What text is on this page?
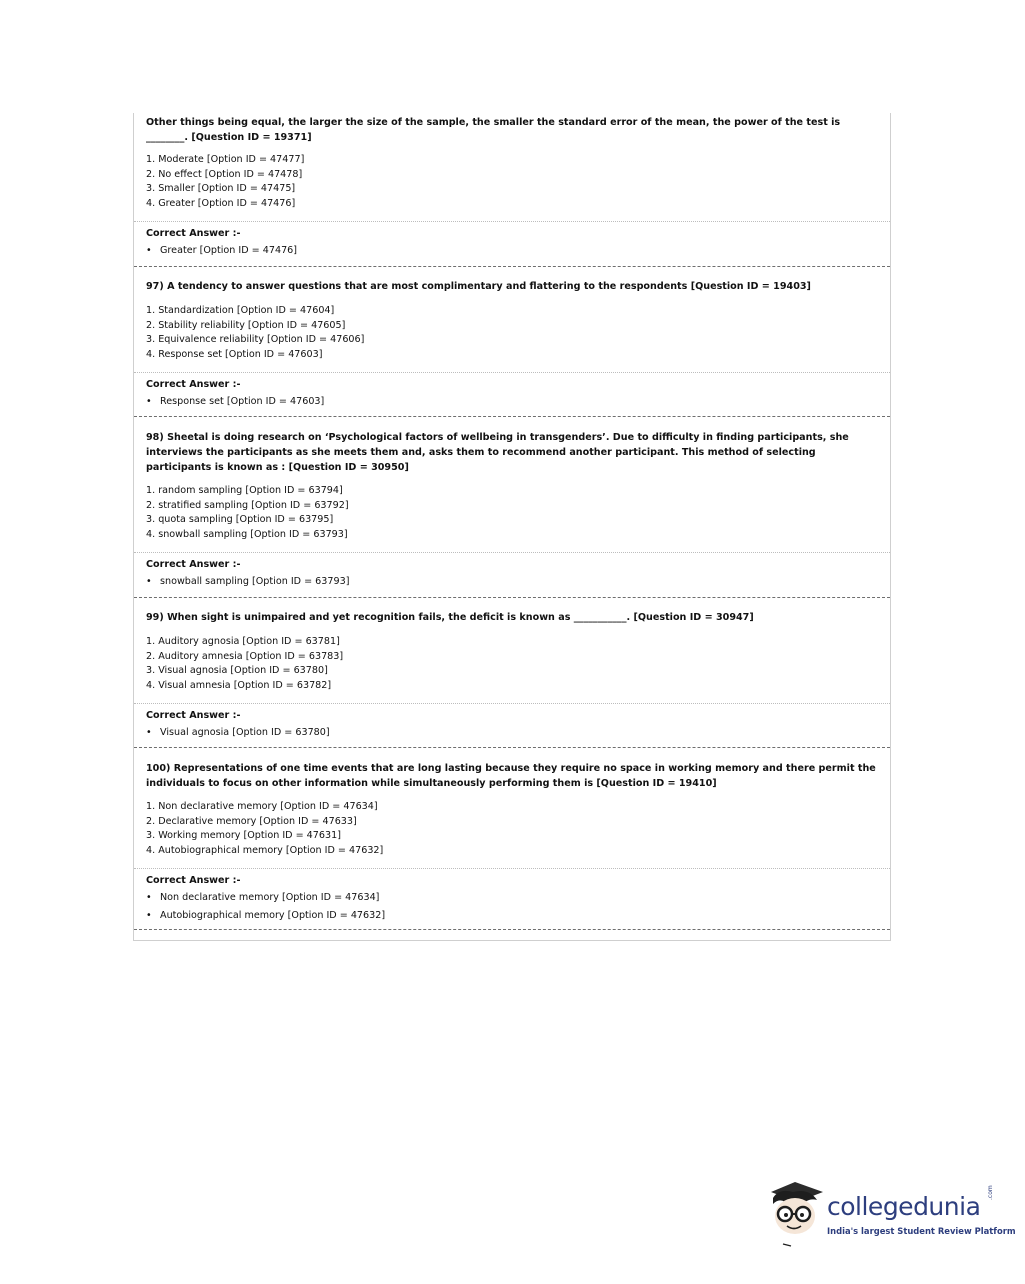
Other things being equal, the larger the size of the sample, the smaller the standard error of the mean, the power of the test is ________. [Question ID = 19371]
1. Moderate [Option ID = 47477]
2. No effect [Option ID = 47478]
3. Smaller [Option ID = 47475]
4. Greater [Option ID = 47476]
Correct Answer :-
• Greater [Option ID = 47476]
97) A tendency to answer questions that are most complimentary and flattering to the respondents [Question ID = 19403]
1. Standardization [Option ID = 47604]
2. Stability reliability [Option ID = 47605]
3. Equivalence reliability [Option ID = 47606]
4. Response set [Option ID = 47603]
Correct Answer :-
• Response set [Option ID = 47603]
98) Sheetal is doing research on ‘Psychological factors of wellbeing in transgenders’. Due to difficulty in finding participants, she interviews the participants as she meets them and, asks them to recommend another participant. This method of selecting participants is known as : [Question ID = 30950]
1. random sampling [Option ID = 63794]
2. stratified sampling [Option ID = 63792]
3. quota sampling [Option ID = 63795]
4. snowball sampling [Option ID = 63793]
Correct Answer :-
• snowball sampling [Option ID = 63793]
99) When sight is unimpaired and yet recognition fails, the deficit is known as ___________. [Question ID = 30947]
1. Auditory agnosia [Option ID = 63781]
2. Auditory amnesia [Option ID = 63783]
3. Visual agnosia [Option ID = 63780]
4. Visual amnesia [Option ID = 63782]
Correct Answer :-
• Visual agnosia [Option ID = 63780]
100) Representations of one time events that are long lasting because they require no space in working memory and there permit the individuals to focus on other information while simultaneously performing them is [Question ID = 19410]
1. Non declarative memory [Option ID = 47634]
2. Declarative memory [Option ID = 47633]
3. Working memory [Option ID = 47631]
4. Autobiographical memory [Option ID = 47632]
Correct Answer :-
• Non declarative memory [Option ID = 47634]
• Autobiographical memory [Option ID = 47632]
collegedunia .com
India's largest Student Review Platform
